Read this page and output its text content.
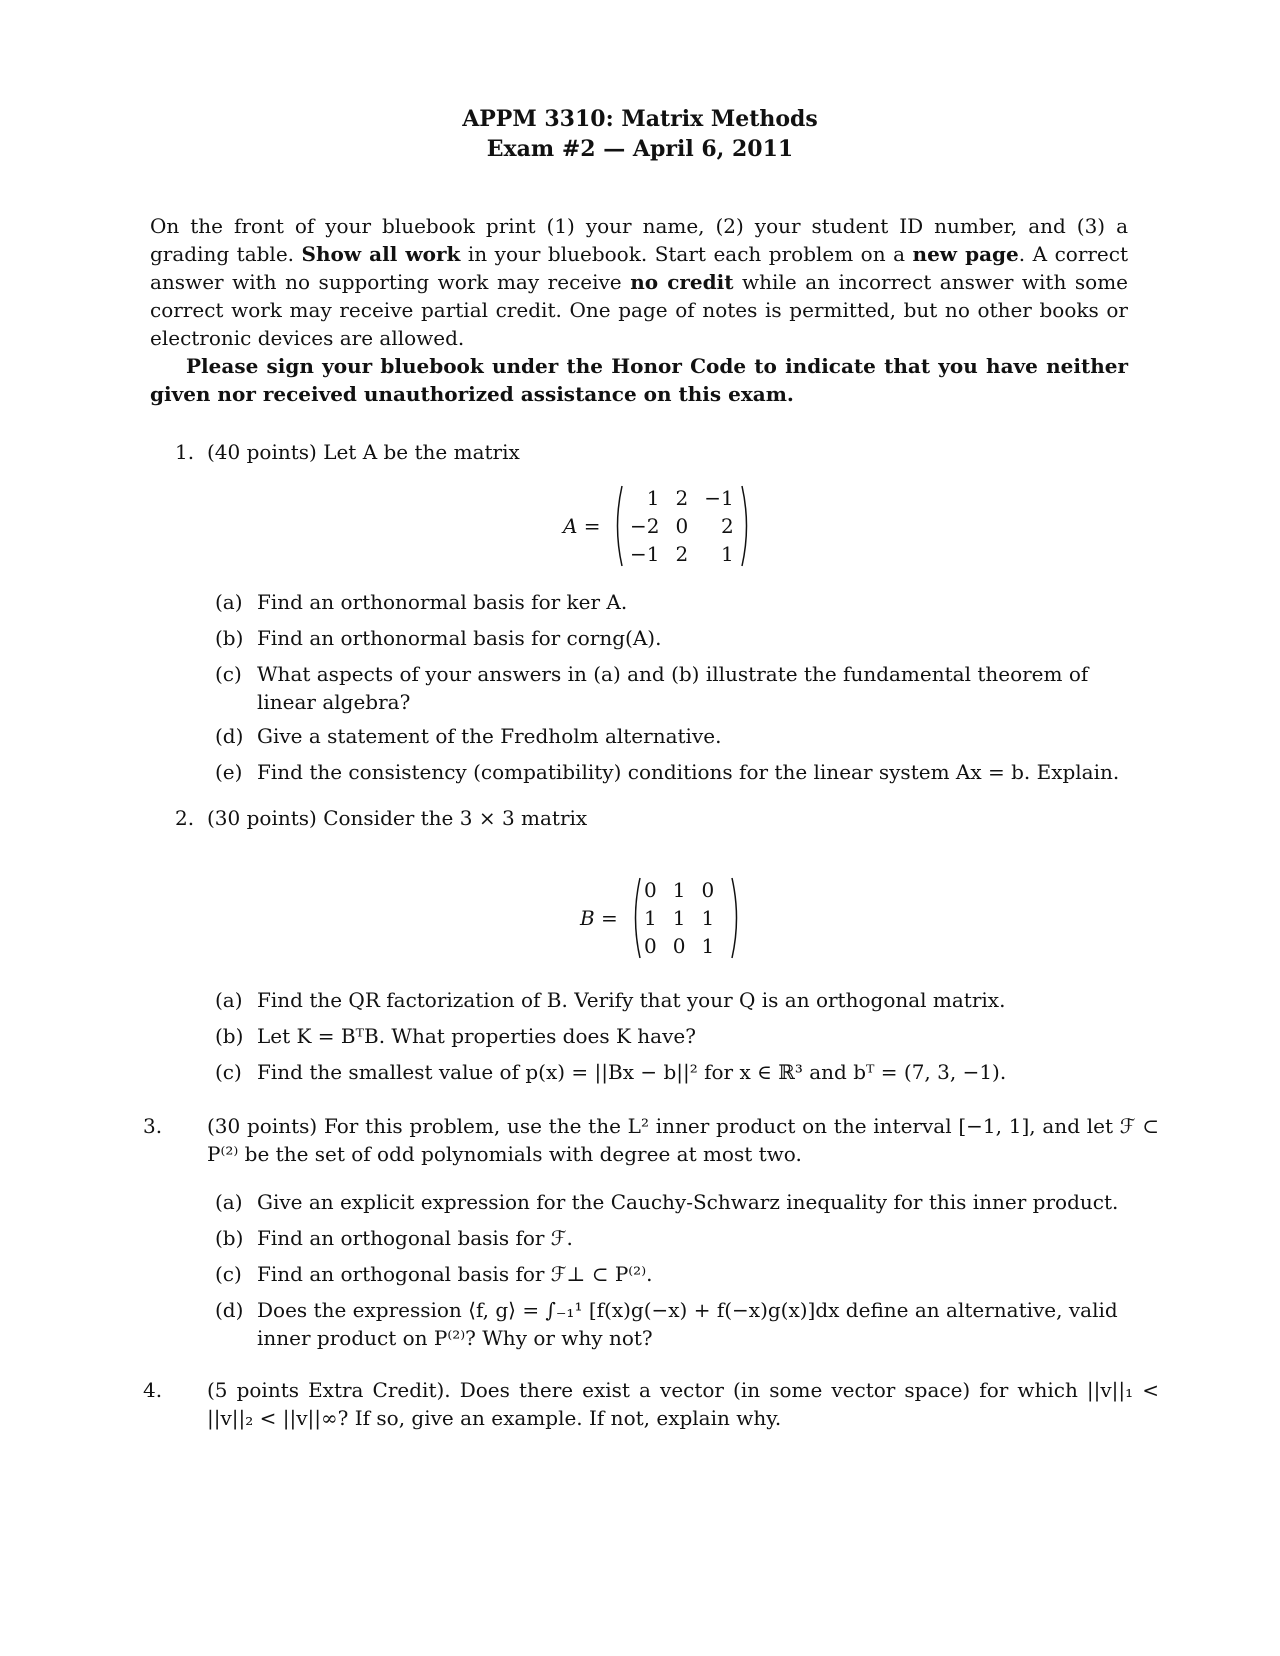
APPM 3310: Matrix Methods
Exam #2 — April 6, 2011
On the front of your bluebook print (1) your name, (2) your student ID number, and (3) a grading table. Show all work in your bluebook. Start each problem on a new page. A correct answer with no supporting work may receive no credit while an incorrect answer with some correct work may receive partial credit. One page of notes is permitted, but no other books or electronic devices are allowed.
Please sign your bluebook under the Honor Code to indicate that you have neither given nor received unauthorized assistance on this exam.
1. (40 points) Let A be the matrix
A =
1	2	−1
−2	0	2
−1	2	1
(a) Find an orthonormal basis for ker A.
(b) Find an orthonormal basis for corng(A).
(c) What aspects of your answers in (a) and (b) illustrate the fundamental theorem of linear algebra?
(d) Give a statement of the Fredholm alternative.
(e) Find the consistency (compatibility) conditions for the linear system Ax = b. Explain.
2. (30 points) Consider the 3 × 3 matrix
B =
0	1	0
1	1	1
0	0	1
(a) Find the QR factorization of B. Verify that your Q is an orthogonal matrix.
(b) Let K = BᵀB. What properties does K have?
(c) Find the smallest value of p(x) = ||Bx − b||² for x ∈ ℝ³ and bᵀ = (7, 3, −1).
3. (30 points) For this problem, use the the L² inner product on the interval [−1, 1], and let ℱ ⊂ P⁽²⁾ be the set of odd polynomials with degree at most two.
(a) Give an explicit expression for the Cauchy-Schwarz inequality for this inner product.
(b) Find an orthogonal basis for ℱ.
(c) Find an orthogonal basis for ℱ⊥ ⊂ P⁽²⁾.
(d) Does the expression ⟨f, g⟩ = ∫₋₁¹ [f(x)g(−x) + f(−x)g(x)]dx define an alternative, valid inner product on P⁽²⁾? Why or why not?
4. (5 points Extra Credit). Does there exist a vector (in some vector space) for which ||v||₁ < ||v||₂ < ||v||∞? If so, give an example. If not, explain why.
